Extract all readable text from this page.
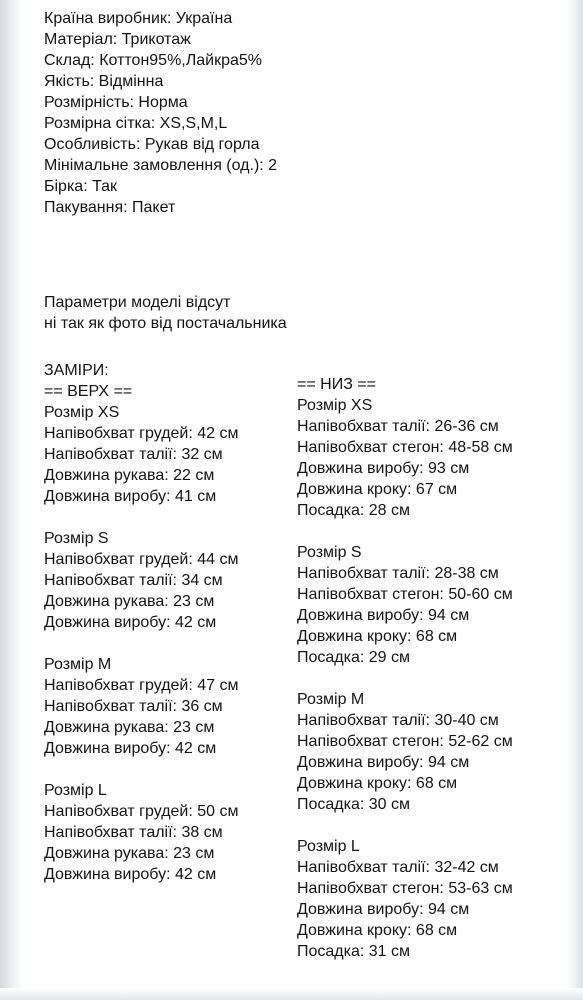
Країна виробник: Україна
Матеріал: Трикотаж
Склад: Коттон95%,Лайкра5%
Якість: Відмінна
Розмірність: Норма
Розмірна сітка: XS,S,M,L
Особливість: Рукав від горла
Мінімальне замовлення (од.): 2
Бірка: Так
Пакування: Пакет
Параметри моделі відсут
ні так як фото від постачальника
ЗАМІРИ:
== ВЕРХ ==
Розмір XS
Напівобхват грудей: 42 см
Напівобхват талії: 32 см
Довжина рукава: 22 см
Довжина виробу: 41 см
Розмір S
Напівобхват грудей: 44 см
Напівобхват талії: 34 см
Довжина рукава: 23 см
Довжина виробу: 42 см
Розмір M
Напівобхват грудей: 47 см
Напівобхват талії: 36 см
Довжина рукава: 23 см
Довжина виробу: 42 см
Розмір L
Напівобхват грудей: 50 см
Напівобхват талії: 38 см
Довжина рукава: 23 см
Довжина виробу: 42 см
== НИЗ ==
Розмір XS
Напівобхват талії: 26-36 см
Напівобхват стегон: 48-58 см
Довжина виробу: 93 см
Довжина кроку: 67 см
Посадка: 28 см
Розмір S
Напівобхват талії: 28-38 см
Напівобхват стегон: 50-60 см
Довжина виробу: 94 см
Довжина кроку: 68 см
Посадка: 29 см
Розмір M
Напівобхват талії: 30-40 см
Напівобхват стегон: 52-62 см
Довжина виробу: 94 см
Довжина кроку: 68 см
Посадка: 30 см
Розмір L
Напівобхват талії: 32-42 см
Напівобхват стегон: 53-63 см
Довжина виробу: 94 см
Довжина кроку: 68 см
Посадка: 31 см
